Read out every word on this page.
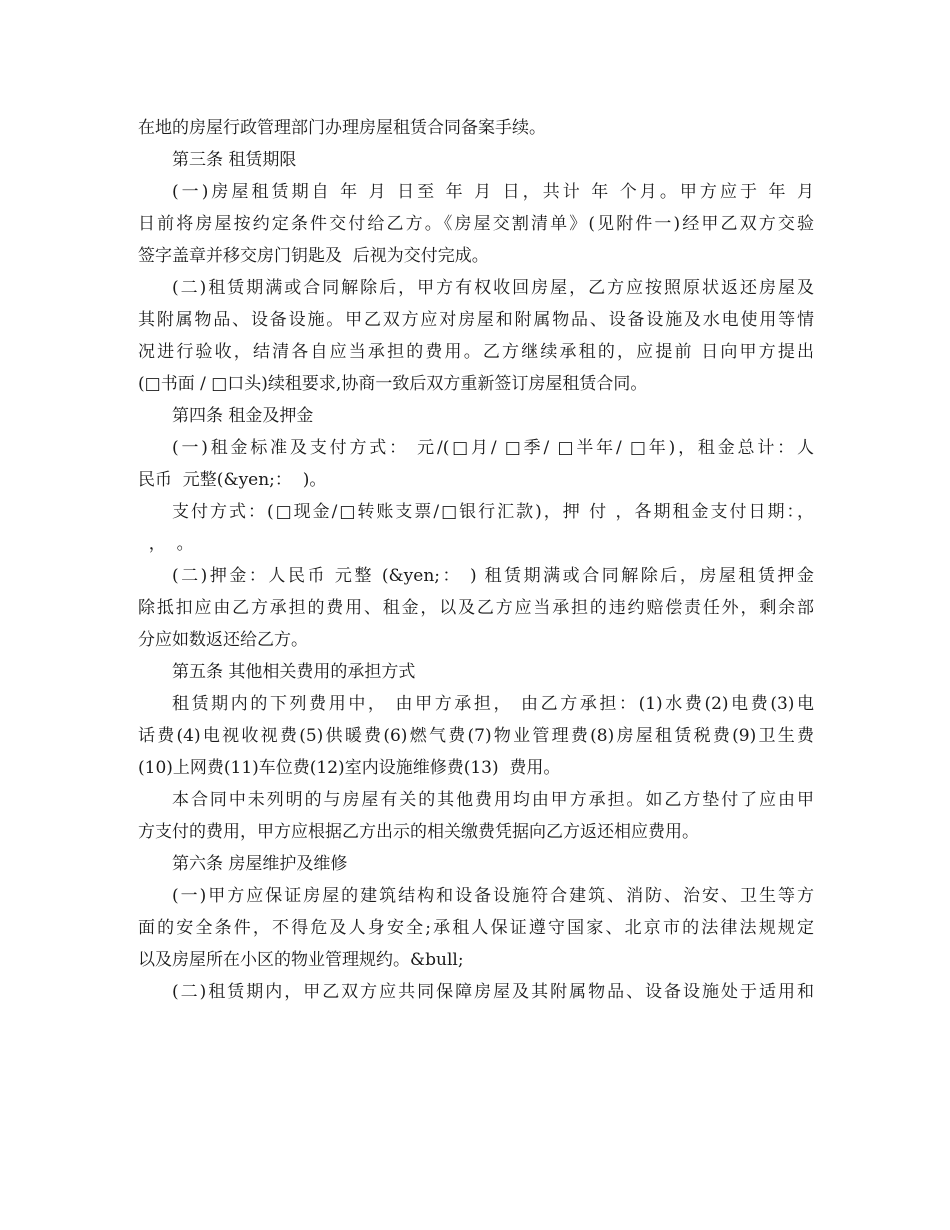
在地的房屋行政管理部门办理房屋租赁合同备案手续。
第三条 租赁期限
(一)房屋租赁期自 年 月 日至 年 月 日，共计 年 个月。甲方应于 年 月
日前将房屋按约定条件交付给乙方。《房屋交割清单》(见附件一)经甲乙双方交验
签字盖章并移交房门钥匙及  后视为交付完成。
(二)租赁期满或合同解除后，甲方有权收回房屋，乙方应按照原状返还房屋及
其附属物品、设备设施。甲乙双方应对房屋和附属物品、设备设施及水电使用等情
况进行验收，结清各自应当承担的费用。乙方继续承租的，应提前 日向甲方提出
(□书面 / □口头)续租要求,协商一致后双方重新签订房屋租赁合同。
第四条 租金及押金
(一)租金标准及支付方式： 元/(□月/ □季/ □半年/ □年)，租金总计：人
民币  元整(&yen;：  )。
支付方式：(□现金/□转账支票/□银行汇款)，押 付 ，各期租金支付日期：，
，  。
(二)押金：人民币 元整 (&yen;： ) 租赁期满或合同解除后，房屋租赁押金
除抵扣应由乙方承担的费用、租金，以及乙方应当承担的违约赔偿责任外，剩余部
分应如数返还给乙方。
第五条 其他相关费用的承担方式
租赁期内的下列费用中， 由甲方承担， 由乙方承担：(1)水费(2)电费(3)电
话费(4)电视收视费(5)供暖费(6)燃气费(7)物业管理费(8)房屋租赁税费(9)卫生费
(10)上网费(11)车位费(12)室内设施维修费(13)  费用。
本合同中未列明的与房屋有关的其他费用均由甲方承担。如乙方垫付了应由甲
方支付的费用，甲方应根据乙方出示的相关缴费凭据向乙方返还相应费用。
第六条 房屋维护及维修
(一)甲方应保证房屋的建筑结构和设备设施符合建筑、消防、治安、卫生等方
面的安全条件，不得危及人身安全;承租人保证遵守国家、北京市的法律法规规定
以及房屋所在小区的物业管理规约。&bull;
(二)租赁期内，甲乙双方应共同保障房屋及其附属物品、设备设施处于适用和
